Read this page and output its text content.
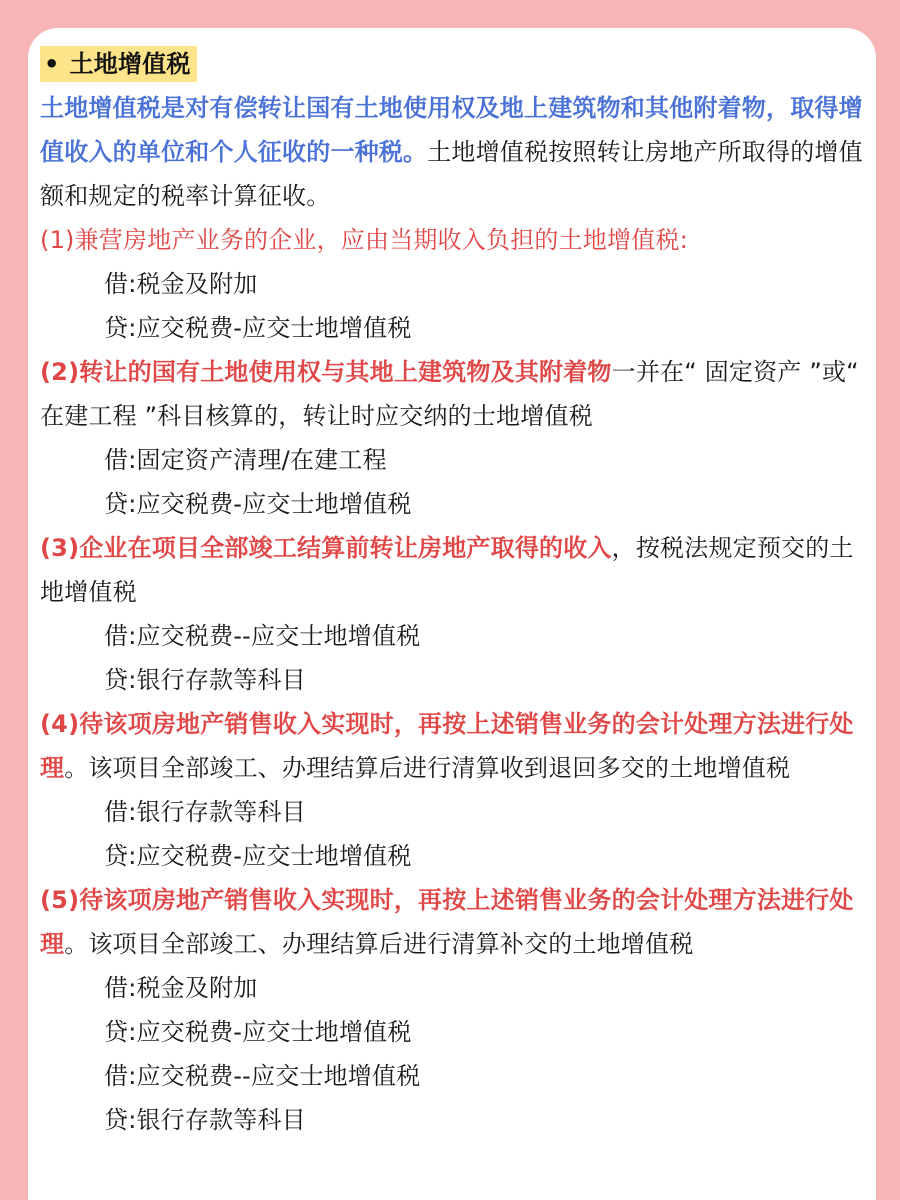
• 土地增值税

土地增值税是对有偿转让国有土地使用权及地上建筑物和其他附着物，取得增值收入的单位和个人征收的一种税。土地增值税按照转让房地产所取得的增值额和规定的税率计算征收。

(1)兼营房地产业务的企业，应由当期收入负担的土地增值税:

借:税金及附加

贷:应交税费-应交士地增值税

(2)转让的国有土地使用权与其地上建筑物及其附着物一并在“ 固定资产 ”或“ 在建工程 ”科目核算的，转让时应交纳的士地增值税

借:固定资产清理/在建工程

贷:应交税费-应交士地增值税

(3)企业在项目全部竣工结算前转让房地产取得的收入，按税法规定预交的土地增值税

借:应交税费--应交士地增值税

贷:银行存款等科目

(4)待该项房地产销售收入实现时，再按上述销售业务的会计处理方法进行处理。该项目全部竣工、办理结算后进行清算收到退回多交的土地增值税

借:银行存款等科目

贷:应交税费-应交士地增值税

(5)待该项房地产销售收入实现时，再按上述销售业务的会计处理方法进行处理。该项目全部竣工、办理结算后进行清算补交的土地增值税

借:税金及附加

贷:应交税费-应交士地增值税

借:应交税费--应交士地增值税

贷:银行存款等科目
